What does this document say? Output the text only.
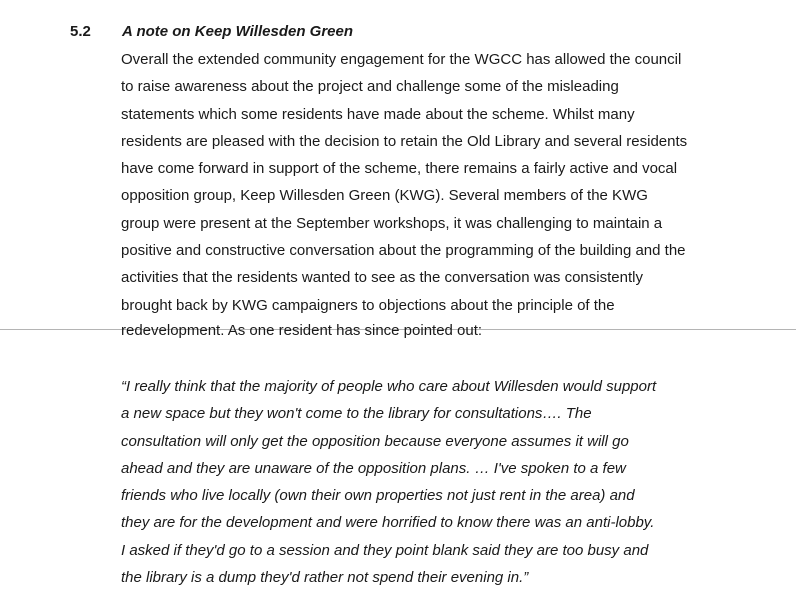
5.2 A note on Keep Willesden Green
Overall the extended community engagement for the WGCC has allowed the council
to raise awareness about the project and challenge some of the misleading
statements which some residents have made about the scheme. Whilst many
residents are pleased with the decision to retain the Old Library and several residents
have come forward in support of the scheme, there remains a fairly active and vocal
opposition group, Keep Willesden Green (KWG). Several members of the KWG
group were present at the September workshops, it was challenging to maintain a
positive and constructive conversation about the programming of the building and the
activities that the residents wanted to see as the conversation was consistently
brought back by KWG campaigners to objections about the principle of the
redevelopment. As one resident has since pointed out:
“I really think that the majority of people who care about Willesden would support
a new space but they won't come to the library for consultations…. The
consultation will only get the opposition because everyone assumes it will go
ahead and they are unaware of the opposition plans. … I've spoken to a few
friends who live locally (own their own properties not just rent in the area) and
they are for the development and were horrified to know there was an anti-lobby.
I asked if they'd go to a session and they point blank said they are too busy and
the library is a dump they'd rather not spend their evening in.”
